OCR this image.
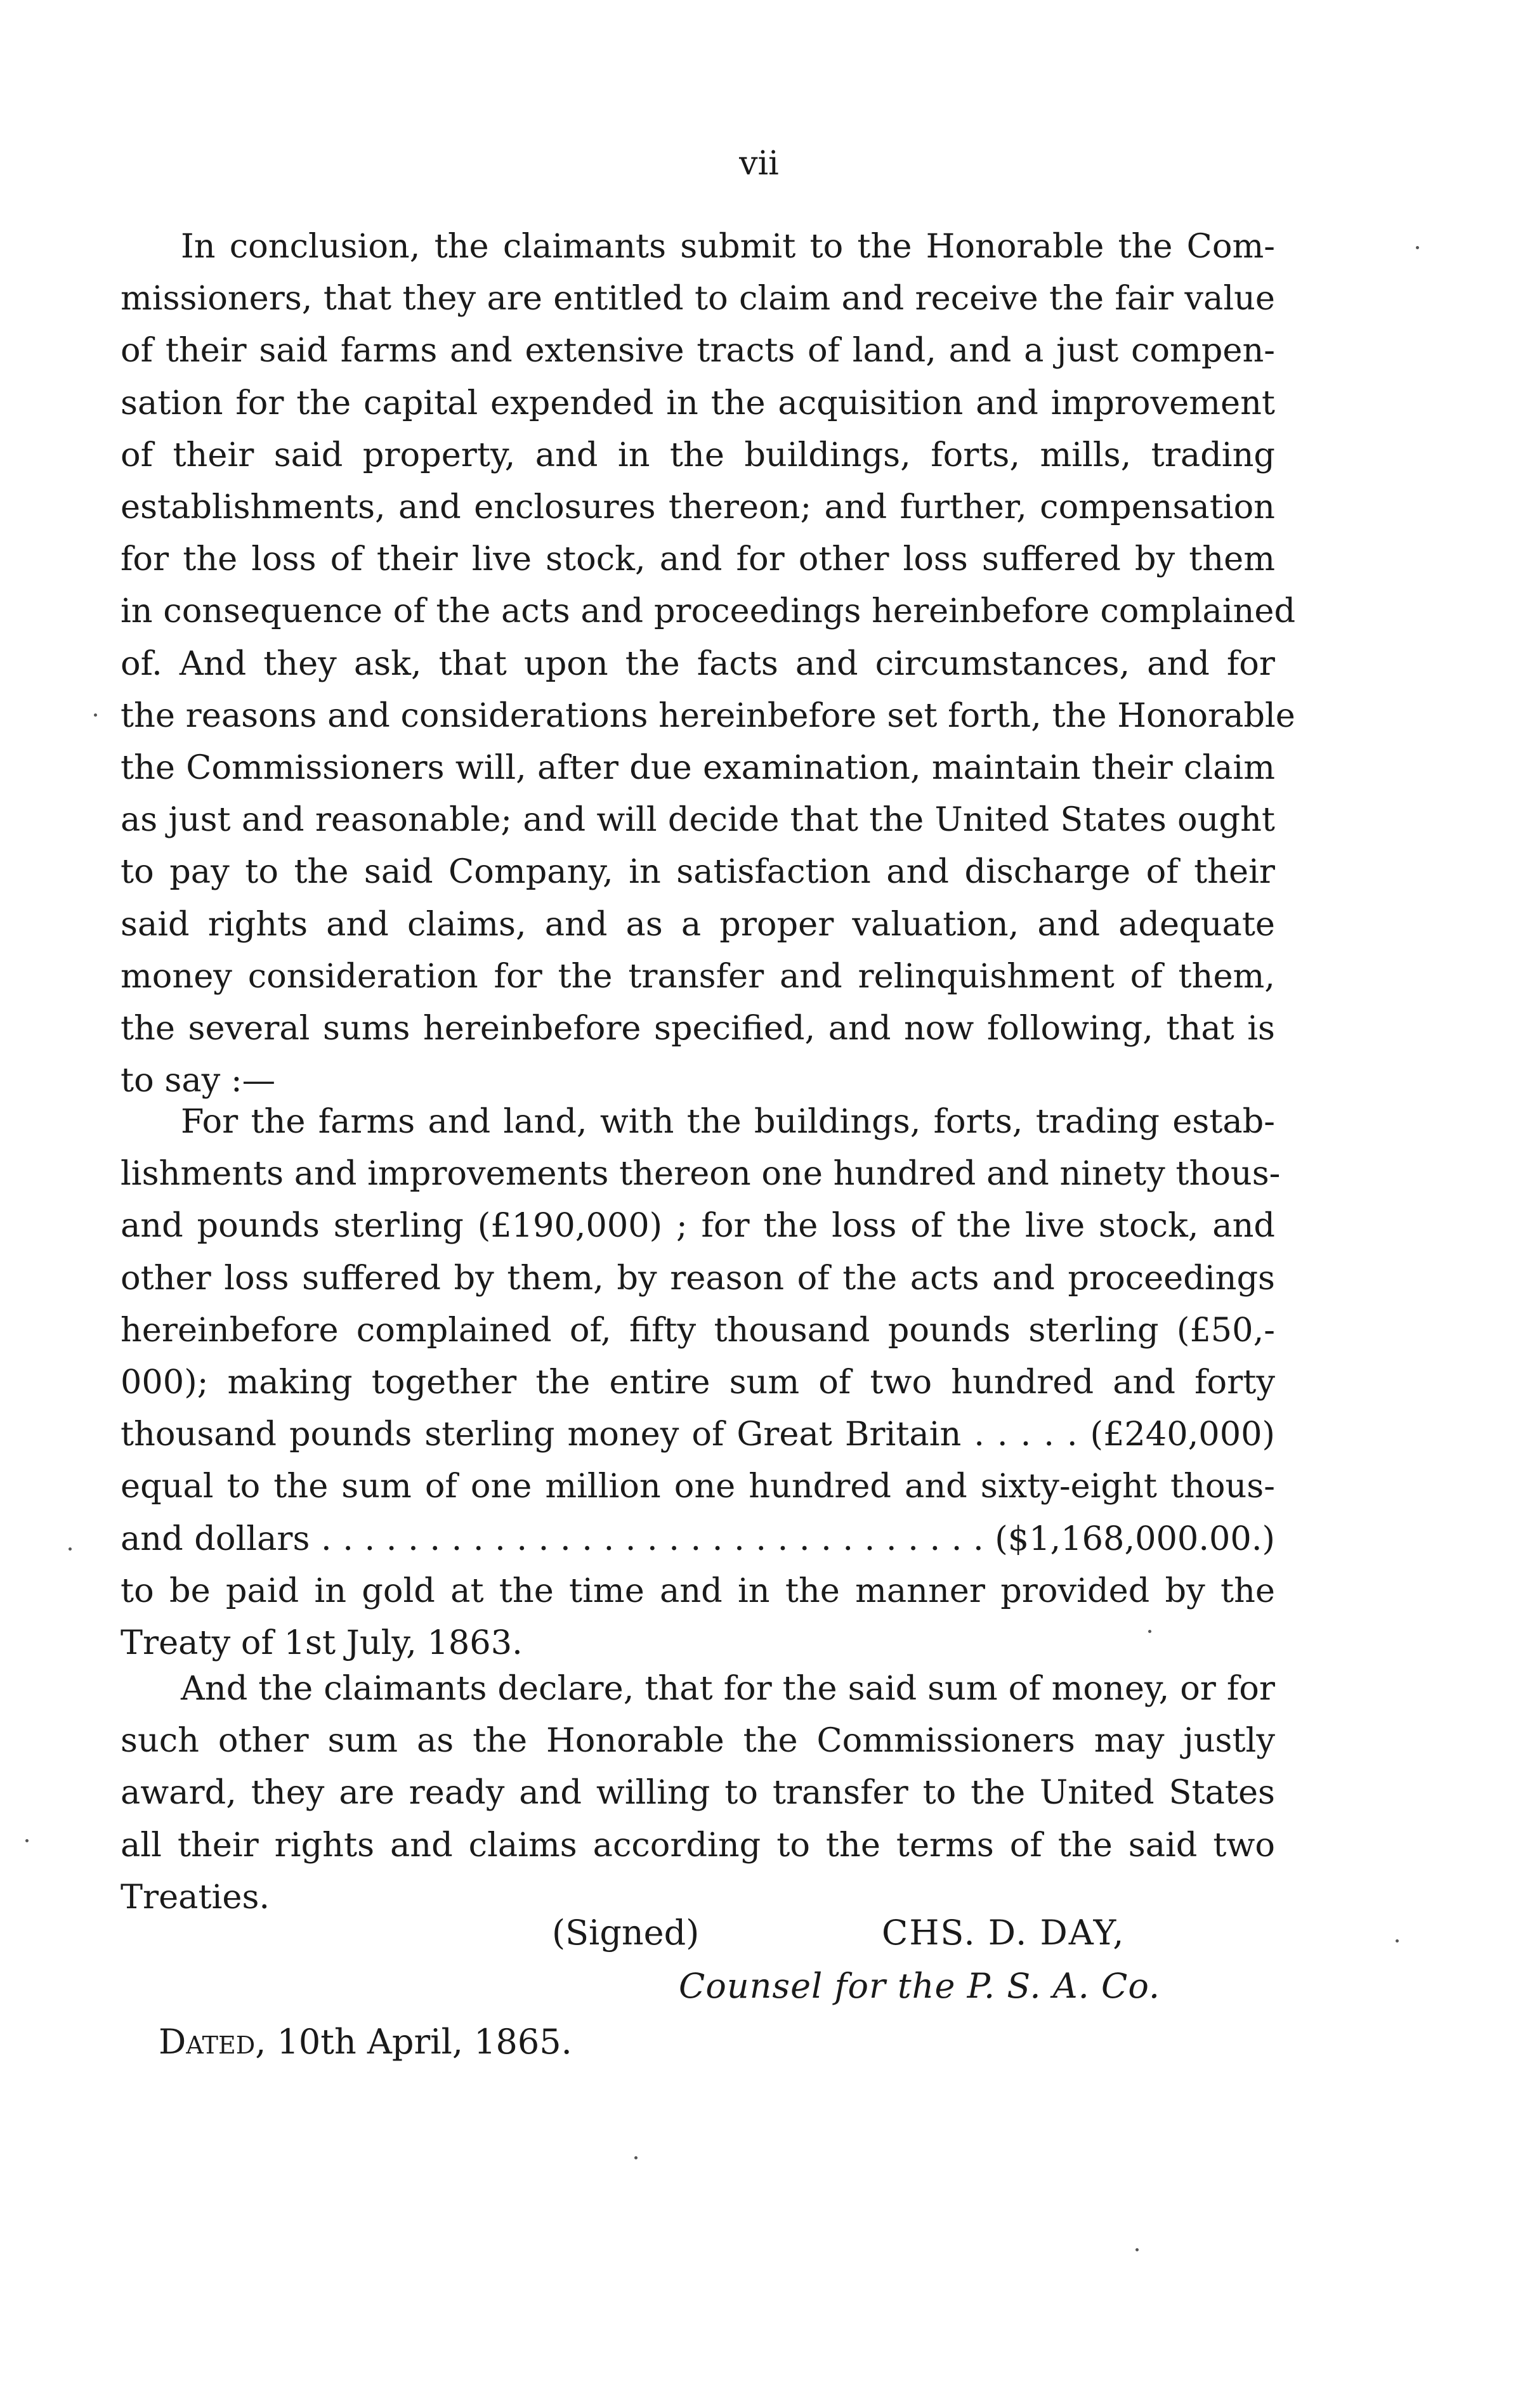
vii
In conclusion, the claimants submit to the Honorable the Com-
missioners, that they are entitled to claim and receive the fair value
of their said farms and extensive tracts of land, and a just compen-
sation for the capital expended in the acquisition and improvement
of their said property, and in the buildings, forts, mills, trading
establishments, and enclosures thereon; and further, compensation
for the loss of their live stock, and for other loss suffered by them
in consequence of the acts and proceedings hereinbefore complained
of. And they ask, that upon the facts and circumstances, and for
the reasons and considerations hereinbefore set forth, the Honorable
the Commissioners will, after due examination, maintain their claim
as just and reasonable; and will decide that the United States ought
to pay to the said Company, in satisfaction and discharge of their
said rights and claims, and as a proper valuation, and adequate
money consideration for the transfer and relinquishment of them,
the several sums hereinbefore specified, and now following, that is
to say :—
For the farms and land, with the buildings, forts, trading estab-
lishments and improvements thereon one hundred and ninety thous-
and pounds sterling (£190,000) ; for the loss of the live stock, and
other loss suffered by them, by reason of the acts and proceedings
hereinbefore complained of, fifty thousand pounds sterling (£50,-
000); making together the entire sum of two hundred and forty
thousand pounds sterling money of Great Britain . . . . . (£240,000)
equal to the sum of one million one hundred and sixty-eight thous-
and dollars . . . . . . . . . . . . . . . . . . . . . . . . . . . . . . . ($1,168,000.00.)
to be paid in gold at the time and in the manner provided by the
Treaty of 1st July, 1863.
And the claimants declare, that for the said sum of money, or for
such other sum as the Honorable the Commissioners may justly
award, they are ready and willing to transfer to the United States
all their rights and claims according to the terms of the said two
Treaties.
(Signed)	CHS. D. DAY,
Counsel for the P. S. A. Co.
Dated, 10th April, 1865.
